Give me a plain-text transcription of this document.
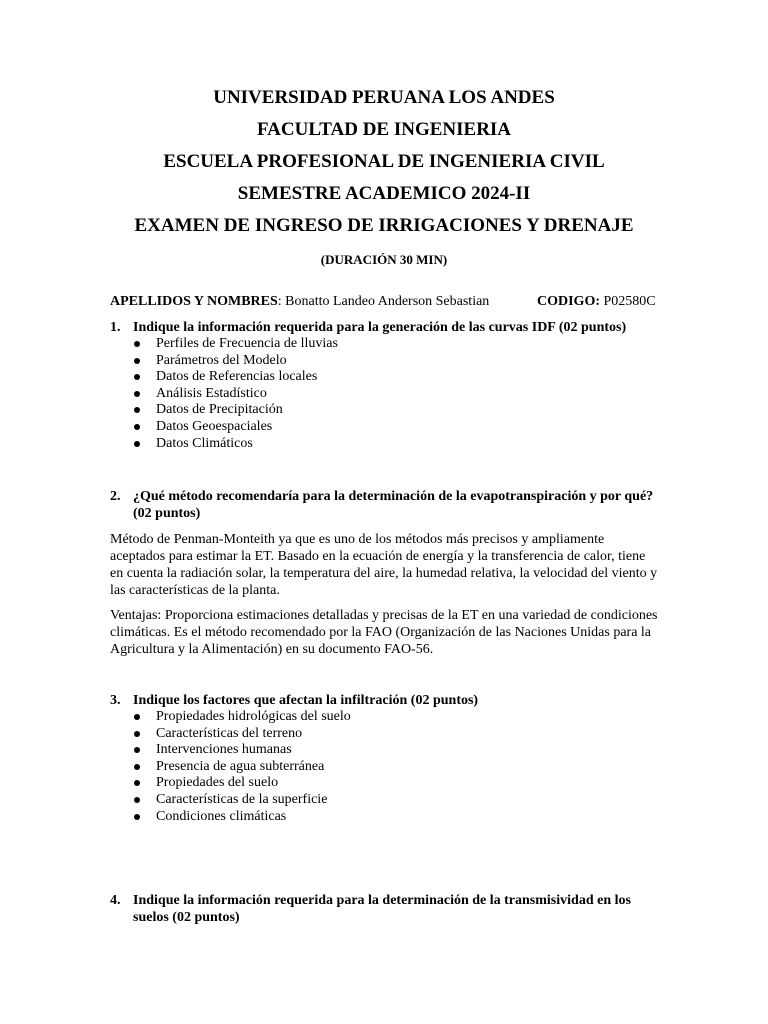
UNIVERSIDAD PERUANA LOS ANDES
FACULTAD DE INGENIERIA
ESCUELA PROFESIONAL DE INGENIERIA CIVIL
SEMESTRE ACADEMICO 2024-II
EXAMEN DE INGRESO DE IRRIGACIONES Y DRENAJE
(DURACIÓN 30 MIN)
APELLIDOS Y NOMBRES: Bonatto Landeo Anderson Sebastian	CODIGO: P02580C
1. Indique la información requerida para la generación de las curvas IDF (02 puntos)
Perfiles de Frecuencia de lluvias
Parámetros del Modelo
Datos de Referencias locales
Análisis Estadístico
Datos de Precipitación
Datos Geoespaciales
Datos Climáticos
2. ¿Qué método recomendaría para la determinación de la evapotranspiración y por qué? (02 puntos)

Método de Penman-Monteith ya que es uno de los métodos más precisos y ampliamente aceptados para estimar la ET. Basado en la ecuación de energía y la transferencia de calor, tiene en cuenta la radiación solar, la temperatura del aire, la humedad relativa, la velocidad del viento y las características de la planta.

Ventajas: Proporciona estimaciones detalladas y precisas de la ET en una variedad de condiciones climáticas. Es el método recomendado por la FAO (Organización de las Naciones Unidas para la Agricultura y la Alimentación) en su documento FAO-56.

3. Indique los factores que afectan la infiltración (02 puntos)
Propiedades hidrológicas del suelo
Características del terreno
Intervenciones humanas
Presencia de agua subterránea
Propiedades del suelo
Características de la superficie
Condiciones climáticas
4. Indique la información requerida para la determinación de la transmisividad en los suelos (02 puntos)
